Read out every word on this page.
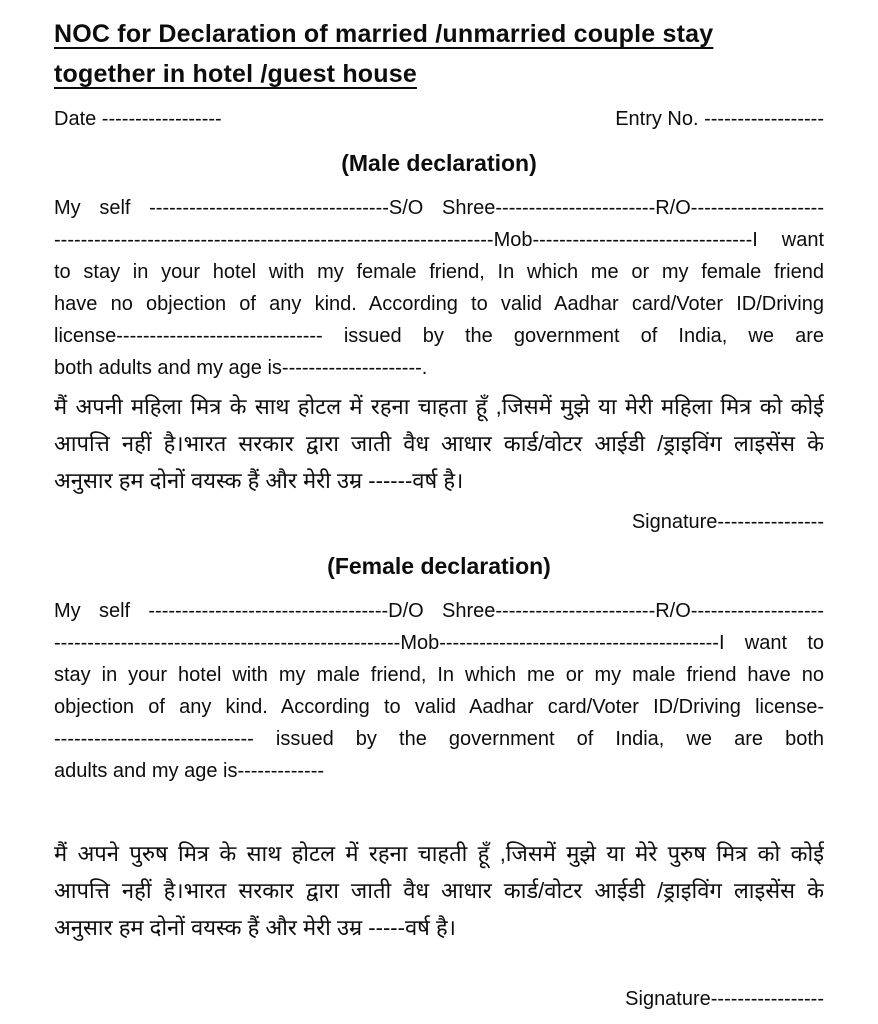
NOC for Declaration of married /unmarried couple stay
together in hotel /guest house
Date ------------------	Entry No. ------------------
(Male declaration)
My self ------------------------------------S/O Shree------------------------R/O--------------------
------------------------------------------------------------------Mob---------------------------------I want
to stay in your hotel with my female friend, In which me or my female friend
have no objection of any kind. According to valid Aadhar card/Voter ID/Driving
license------------------------------- issued by the government of India, we are
both adults and my age is---------------------.
मैं अपनी महिला मित्र के साथ होटल में रहना चाहता हूँ ,जिसमें मुझे या मेरी महिला मित्र को कोई
आपत्ति नहीं है।भारत सरकार द्वारा जाती वैध आधार कार्ड/वोटर आईडी /ड्राइविंग लाइसेंस के
अनुसार हम दोनों वयस्क हैं और मेरी उम्र ------वर्ष है।
Signature----------------
(Female declaration)
My self ------------------------------------D/O Shree------------------------R/O--------------------
----------------------------------------------------Mob------------------------------------------I want to
stay in your hotel with my male friend, In which me or my male friend have no
objection of any kind. According to valid Aadhar card/Voter ID/Driving license-
------------------------------ issued by the government of India, we are both
adults and my age is-------------
मैं अपने पुरुष मित्र के साथ होटल में रहना चाहती हूँ ,जिसमें मुझे या मेरे पुरुष मित्र को कोई
आपत्ति नहीं है।भारत सरकार द्वारा जाती वैध आधार कार्ड/वोटर आईडी /ड्राइविंग लाइसेंस के
अनुसार हम दोनों वयस्क हैं और मेरी उम्र -----वर्ष है।
Signature-----------------
